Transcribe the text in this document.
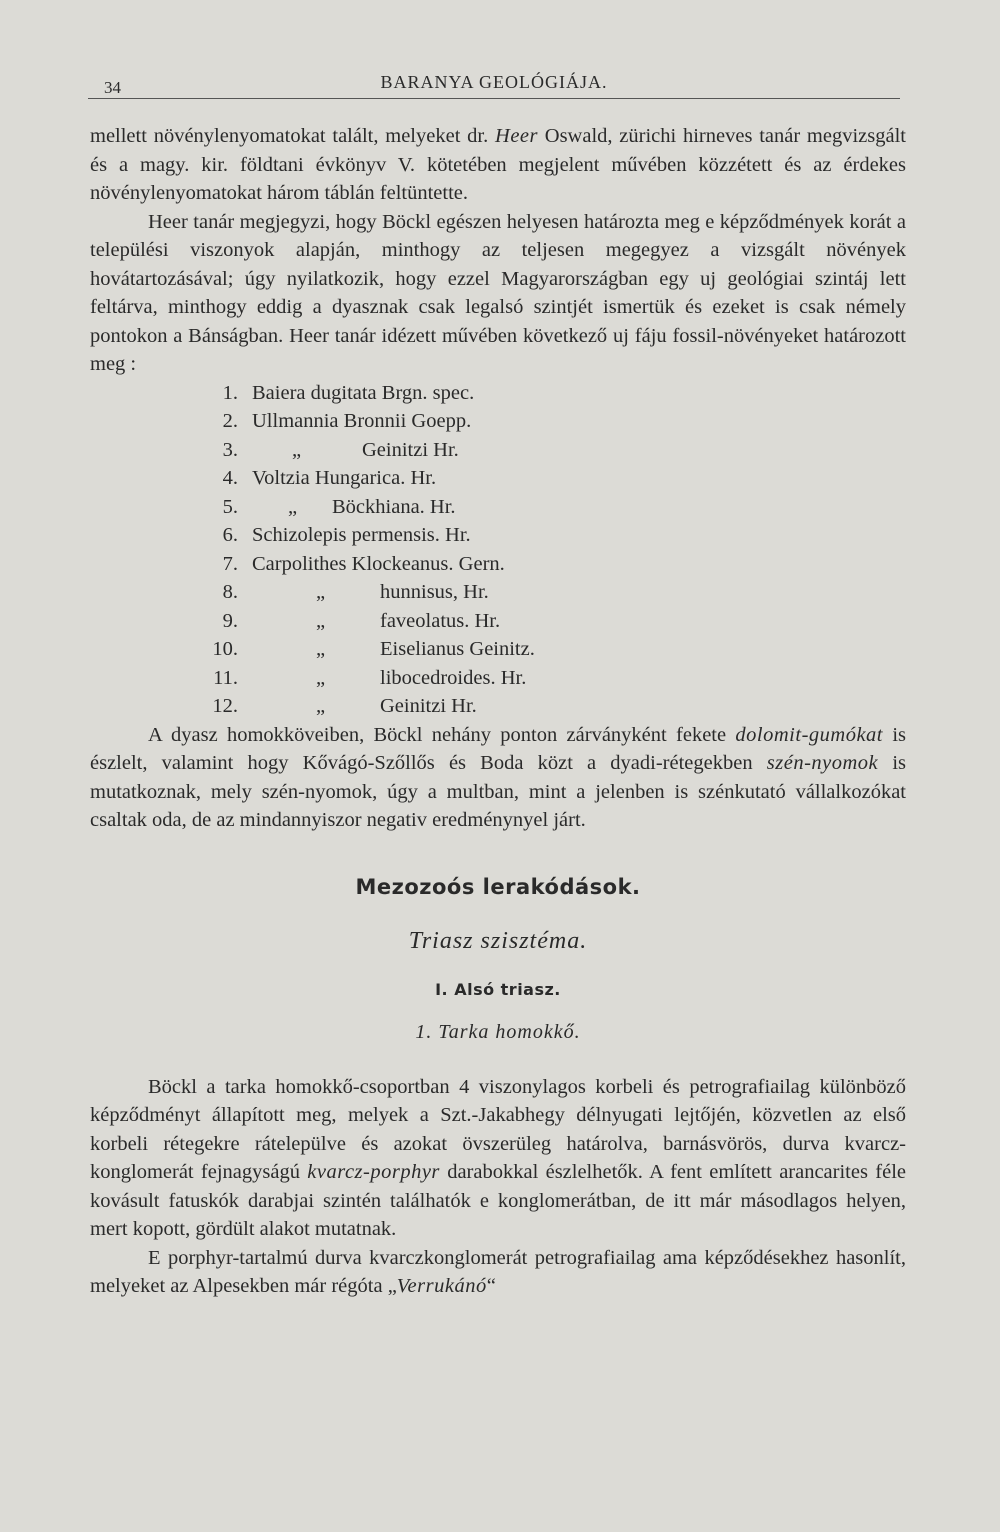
34	BARANYA GEOLÓGIÁJA.

mellett növénylenyomatokat talált, melyeket dr. Heer Oswald, zürichi hirneves tanár megvizsgált és a magy. kir. földtani évkönyv V. kötetében megjelent művében közzétett és az érdekes növénylenyomatokat három táblán feltüntette.

Heer tanár megjegyzi, hogy Böckl egészen helyesen határozta meg e képződmények korát a települési viszonyok alapján, minthogy az teljesen megegyez a vizsgált növények hovátartozásával; úgy nyilatkozik, hogy ezzel Magyarországban egy uj geológiai szintáj lett feltárva, minthogy eddig a dyasznak csak legalsó szintjét ismertük és ezeket is csak némely pontokon a Bánságban. Heer tanár idézett művében következő uj fáju fossil-növényeket határozott meg :

1. Baiera dugitata Brgn. spec.
2. Ullmannia Bronnii Goepp.
3.	„	Geinitzi Hr.
4. Voltzia Hungarica. Hr.
5. „ Böckhiana. Hr.
6. Schizolepis permensis. Hr.
7. Carpolithes Klockeanus. Gern.
8.	„	hunnisus, Hr.
9.	„	faveolatus. Hr.
10.	„	Eiselianus Geinitz.
11.	„	libocedroides. Hr.
12.	„	Geinitzi Hr.

A dyasz homokköveiben, Böckl nehány ponton zárványként fekete dolomit-gumókat is észlelt, valamint hogy Kővágó-Szőllős és Boda közt a dyadi-rétegekben szén-nyomok is mutatkoznak, mely szén-nyomok, úgy a multban, mint a jelenben is szénkutató vállalkozókat csaltak oda, de az mindannyiszor negativ eredménynyel járt.

Mezozoós lerakódások.
Triasz szisztéma.
I. Alsó triasz.
1. Tarka homokkő.

Böckl a tarka homokkő-csoportban 4 viszonylagos korbeli és petrografiailag különböző képződményt állapított meg, melyek a Szt.-Jakabhegy délnyugati lejtőjén, közvetlen az első korbeli rétegekre rátelepülve és azokat övszerüleg határolva, barnásvörös, durva kvarcz-konglomerát fejnagyságú kvarcz-porphyr darabokkal észlelhetők. A fent említett arancarites féle kovásult fatuskók darabjai szintén találhatók e konglomerátban, de itt már másodlagos helyen, mert kopott, gördült alakot mutatnak.

E porphyr-tartalmú durva kvarczkonglomerát petrografiailag ama képződésekhez hasonlít, melyeket az Alpesekben már régóta „Verrukánó“
